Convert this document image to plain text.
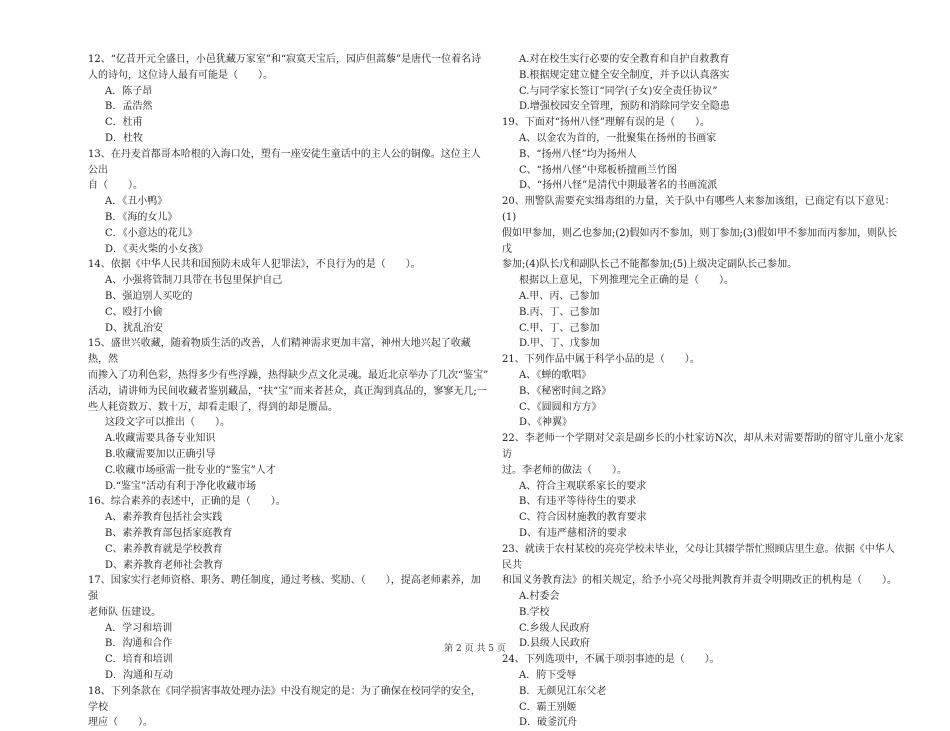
12、“亿昔开元全盛日，小邑犹藏万家室”和“寂寞天宝后，园庐但蒿藜”是唐代一位着名诗

人的诗句，这位诗人最有可能是（　　）。

A．陈子昂

B．孟浩然

C．杜甫

D．杜牧

13、在丹麦首都哥本哈根的入海口处，塑有一座安徒生童话中的主人公的铜像。这位主人公出

自（　　）。

A．《丑小鸭》

B．《海的女儿》

C．《小意达的花儿》

D．《卖火柴的小女孩》

14、依据《中华人民共和国预防未成年人犯罪法》，不良行为的是（　　）。

A、小强将管制刀具带在书包里保护自己

B、强迫别人买吃的

C、殴打小偷

D、扰乱治安

15、盛世兴收藏，随着物质生活的改善，人们精神需求更加丰富，神州大地兴起了收藏热，然

而掺入了功利色彩，热得多少有些浮躁，热得缺少点文化灵魂。最近北京举办了几次“鉴宝”

活动，请讲师为民间收藏者鉴别藏品，“扶“宝”而来者甚众，真正淘到真品的，寥寥无几;一

些人耗资数万、数十万，却看走眼了，得到的却是赝品。

这段文字可以推出（　　）。

A.收藏需要具备专业知识

B.收藏需要加以正确引导

C.收藏市场亟需一批专业的“鉴宝”人才

D.“鉴宝”活动有利于净化收藏市场

16、综合素养的表述中，正确的是（　　）。

A、素养教育包括社会实践

B、素养教育部包括家庭教育

C、素养教育就是学校教育

D、素养教育老师社会教育

17、国家实行老师资格、职务、聘任制度，通过考核、奖励、（　　），提高老师素养，加强

老师队 伍建设。

A．学习和培训

B．沟通和合作

C．培育和培训

D．沟通和互动

18、下列条款在《同学损害事故处理办法》中没有规定的是：为了确保在校同学的安全，学校

理应（　　）。

A.对在校生实行必要的安全教育和自护自救教育

B.根据规定建立健全安全制度，并予以认真落实

C.与同学家长签订“同学(子女)安全责任协议”

D.增强校园安全管理，预防和消除同学安全隐患

19、下面对“扬州八怪”理解有误的是（　　）。

A、以金农为首的，一批聚集在扬州的书画家

B、“扬州八怪”均为扬州人

C、“扬州八怪”中郑板桥擅画兰竹图

D、“扬州八怪”是清代中期最著名的书画流派

20、刑警队需要充实缉毒组的力量，关于队中有哪些人来参加该组，已商定有以下意见：(1)

假如甲参加，则乙也参加;(2)假如丙不参加，则丁参加;(3)假如甲不参加而丙参加，则队长戊

参加;(4)队长戊和副队长己不能都参加;(5)上级决定副队长己参加。

根据以上意见，下列推理完全正确的是（　　）。

A.甲、丙、己参加

B.丙、丁、己参加

C.甲、丁、己参加

D.甲、丁、戊参加

21、下列作品中属于科学小品的是（　　）。

A、《蝉的歌唱》

B、《秘密时间之路》

C、《圆圆和方方》

D、《神翼》

22、李老师一个学期对父亲是副乡长的小杜家访N次，却从未对需要帮助的留守儿童小龙家访

过。李老师的做法（　　）。

A、符合主观联系家长的要求

B、有违平等待待生的要求

C、符合因材施教的教育要求

D、有违严慈相济的要求

23、就读于农村某校的亮亮学校未毕业，父母让其辍学帮忙照顾店里生意。依据《中华人民共

和国义务教育法》的相关规定，给予小亮父母批判教育并责令明期改正的机构是（　　）。

A.村委会

B.学校

C.乡级人民政府

D.县级人民政府

24、下列选项中，不属于项羽事迹的是（　　）。

A．胯下受辱

B．无颜见江东父老

C．霸王别姬

D．破釜沉舟

第 2 页 共 5 页
